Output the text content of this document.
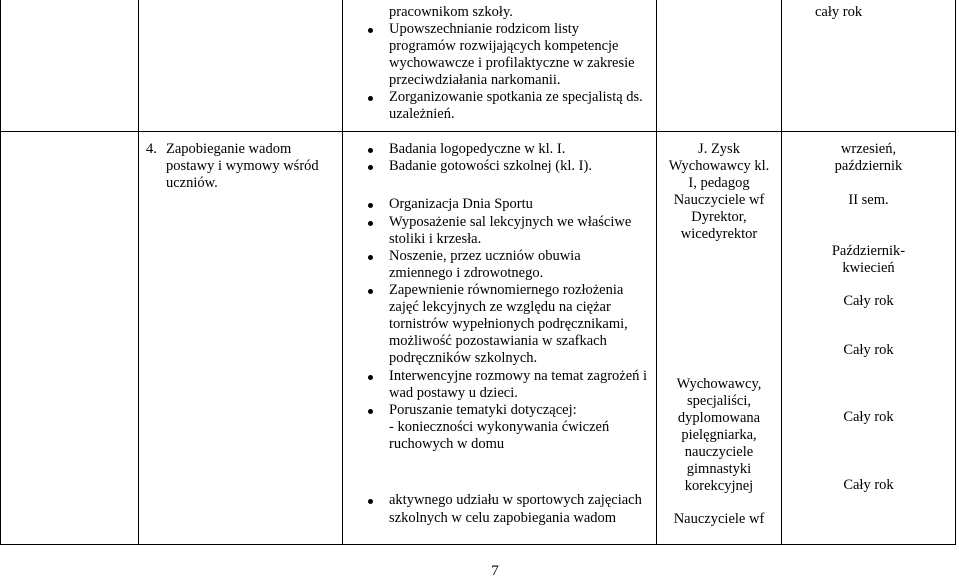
pracownikom szkoły.
Upowszechnianie rodzicom listy
programów rozwijających kompetencje
wychowawcze i profilaktyczne w zakresie
przeciwdziałania narkomanii.
Zorganizowanie spotkania ze specjalistą ds.
uzależnień.
cały rok
4. Zapobieganie wadom
postawy i wymowy wśród
uczniów.
Badania logopedyczne w kl. I.
Badanie gotowości szkolnej (kl. I).
Organizacja Dnia Sportu
Wyposażenie sal lekcyjnych we właściwe
stoliki i krzesła.
Noszenie, przez uczniów obuwia
zmiennego i zdrowotnego.
Zapewnienie równomiernego rozłożenia
zajęć lekcyjnych ze względu na ciężar
tornistrów wypełnionych podręcznikami,
możliwość pozostawiania w szafkach
podręczników szkolnych.
Interwencyjne rozmowy na temat zagrożeń i
wad postawy u dzieci.
Poruszanie tematyki dotyczącej:
- konieczności wykonywania ćwiczeń
ruchowych w domu
aktywnego udziału w sportowych zajęciach
szkolnych w celu zapobiegania wadom
J. Zysk
Wychowawcy kl.
I, pedagog
Nauczyciele wf
Dyrektor,
wicedyrektor
Wychowawcy,
specjaliści,
dyplomowana
pielęgniarka,
nauczyciele
gimnastyki
korekcyjnej
Nauczyciele wf
wrzesień,
październik
II sem.
Październik-
kwiecień
Cały rok
Cały rok
Cały rok
Cały rok
7
